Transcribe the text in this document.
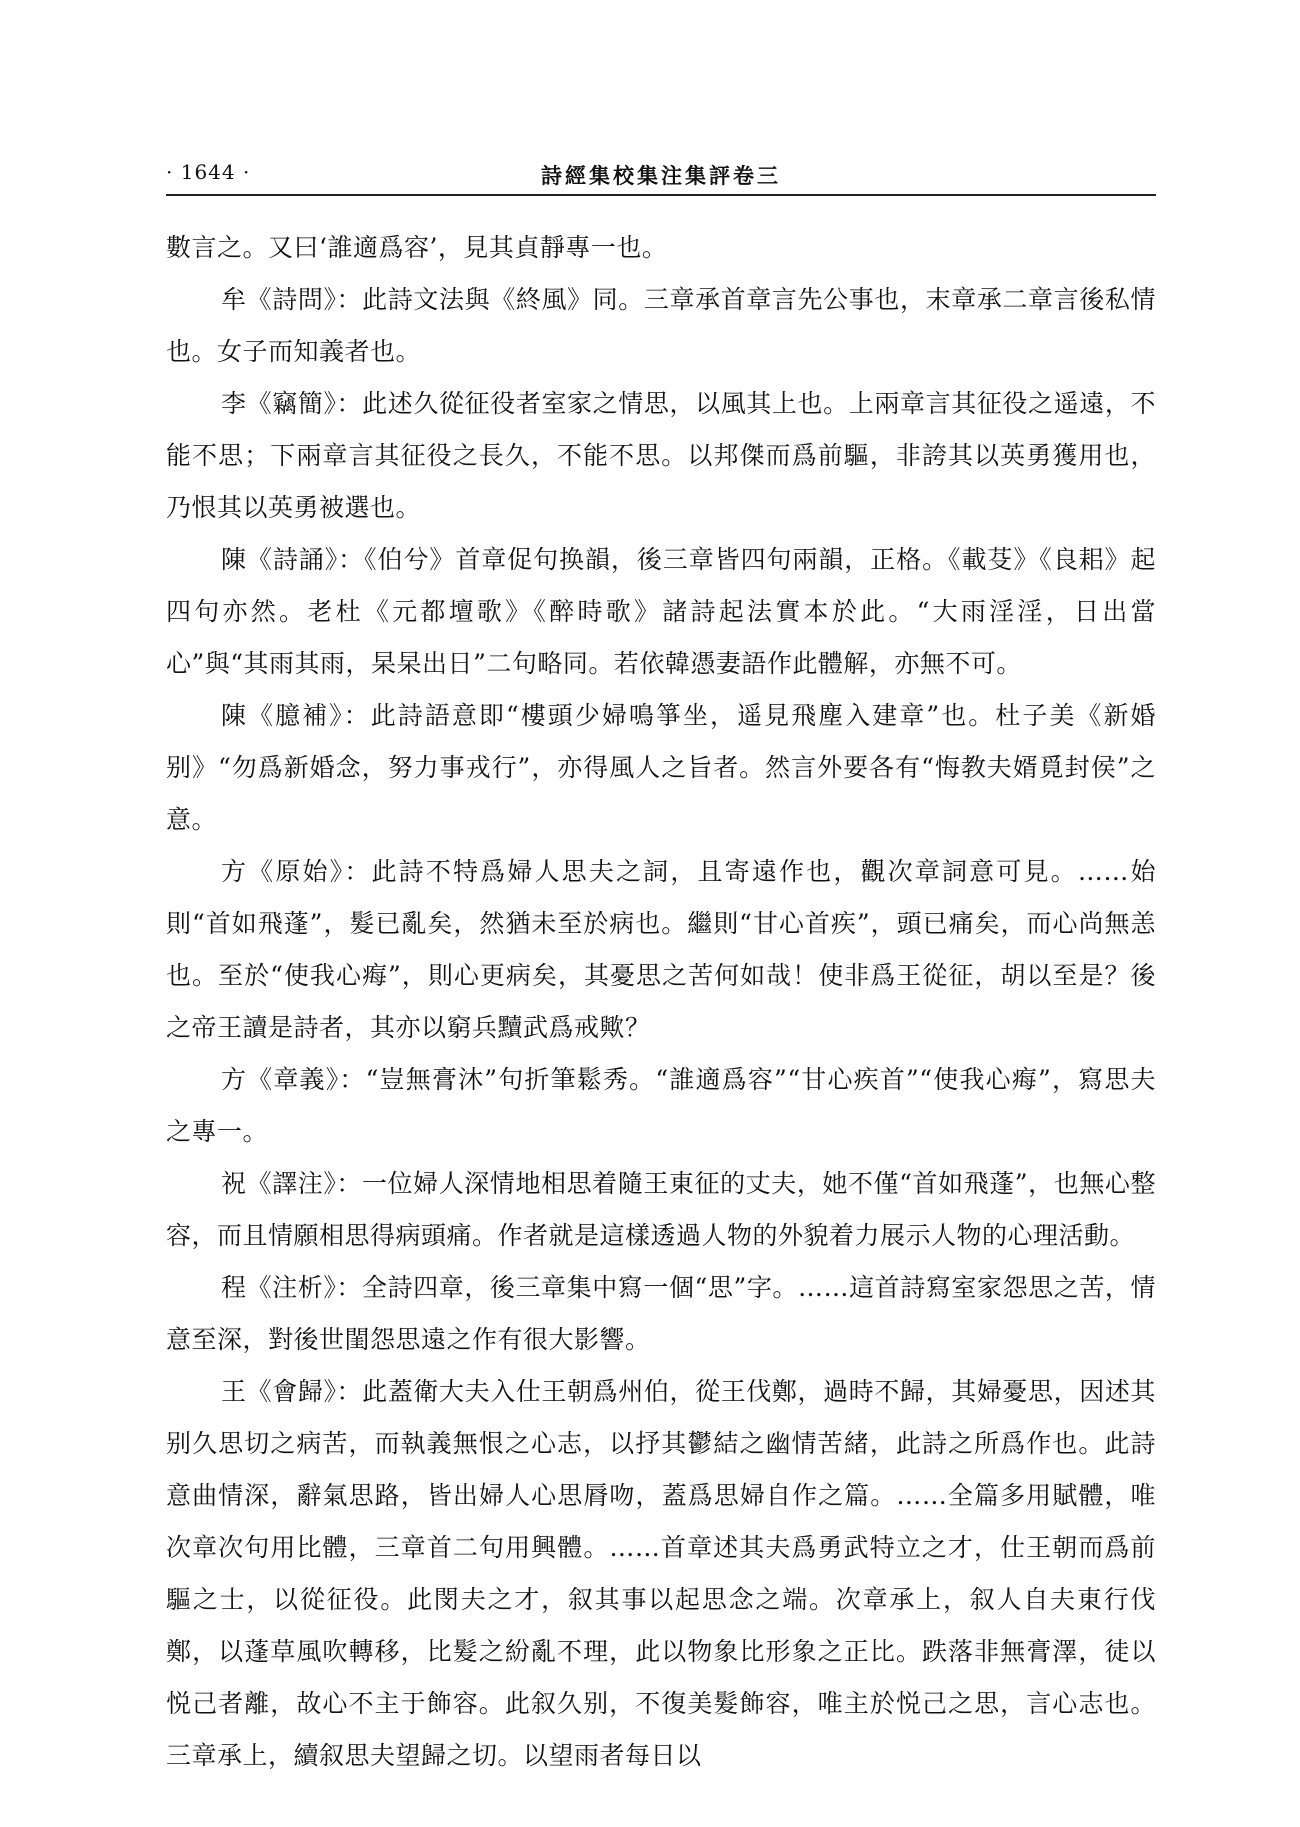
· 1644 ·	詩經集校集注集評卷三

數言之。又曰‘誰適爲容’，見其貞靜專一也。

牟《詩問》：此詩文法與《終風》同。三章承首章言先公事也，末章承二章言後私情也。女子而知義者也。

李《竊簡》：此述久從征役者室家之情思，以風其上也。上兩章言其征役之遥遠，不能不思；下兩章言其征役之長久，不能不思。以邦傑而爲前驅，非誇其以英勇獲用也，乃恨其以英勇被選也。

陳《詩誦》：《伯兮》首章促句换韻，後三章皆四句兩韻，正格。《載芟》《良耜》起四句亦然。老杜《元都壇歌》《醉時歌》諸詩起法實本於此。“大雨淫淫，日出當心”與“其雨其雨，杲杲出日”二句略同。若依韓憑妻語作此體解，亦無不可。

陳《臆補》：此詩語意即“樓頭少婦鳴箏坐，遥見飛塵入建章”也。杜子美《新婚别》“勿爲新婚念，努力事戎行”，亦得風人之旨者。然言外要各有“悔教夫婿覓封侯”之意。

方《原始》：此詩不特爲婦人思夫之詞，且寄遠作也，觀次章詞意可見。……始則“首如飛蓬”，髮已亂矣，然猶未至於病也。繼則“甘心首疾”，頭已痛矣，而心尚無恙也。至於“使我心痗”，則心更病矣，其憂思之苦何如哉！使非爲王從征，胡以至是？後之帝王讀是詩者，其亦以窮兵黷武爲戒歟？

方《章義》：“豈無膏沐”句折筆鬆秀。“誰適爲容”“甘心疾首”“使我心痗”，寫思夫之專一。

祝《譯注》：一位婦人深情地相思着隨王東征的丈夫，她不僅“首如飛蓬”，也無心整容，而且情願相思得病頭痛。作者就是這樣透過人物的外貌着力展示人物的心理活動。

程《注析》：全詩四章，後三章集中寫一個“思”字。……這首詩寫室家怨思之苦，情意至深，對後世閨怨思遠之作有很大影響。

王《會歸》：此蓋衛大夫入仕王朝爲州伯，從王伐鄭，過時不歸，其婦憂思，因述其别久思切之病苦，而執義無恨之心志，以抒其鬱結之幽情苦緒，此詩之所爲作也。此詩意曲情深，辭氣思路，皆出婦人心思脣吻，蓋爲思婦自作之篇。……全篇多用賦體，唯次章次句用比體，三章首二句用興體。……首章述其夫爲勇武特立之才，仕王朝而爲前驅之士，以從征役。此閔夫之才，叙其事以起思念之端。次章承上，叙人自夫東行伐鄭，以蓬草風吹轉移，比髮之紛亂不理，此以物象比形象之正比。跌落非無膏澤，徒以悦己者離，故心不主于飾容。此叙久别，不復美髮飾容，唯主於悦己之思，言心志也。三章承上，續叙思夫望歸之切。以望雨者每日以
